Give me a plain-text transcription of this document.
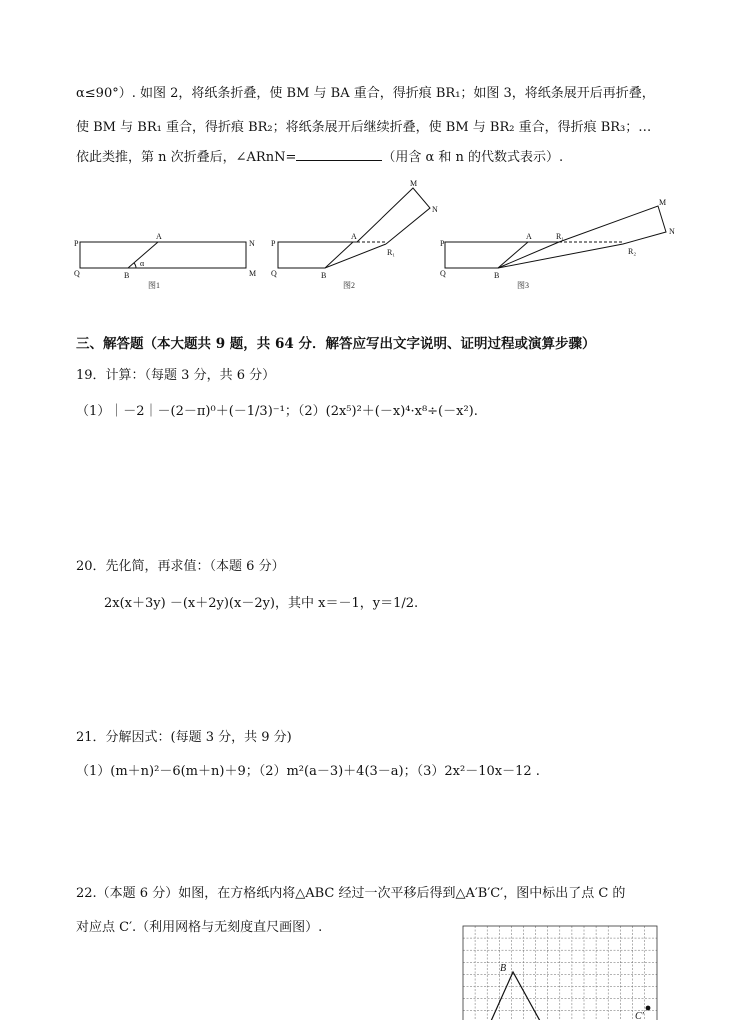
α≤90°）. 如图 2，将纸条折叠，使 BM 与 BA 重合，得折痕 BR₁；如图 3，将纸条展开后再折叠，
使 BM 与 BR₁ 重合，得折痕 BR₂；将纸条展开后继续折叠，使 BM 与 BR₂ 重合，得折痕 BR₃；…
依此类推，第 n 次折叠后，∠ARnN=	（用含 α 和 n 的代数式表示）.
P
A
N
Q	B	M
α
图1
P
A
Q	B
M
N
R₁
图2
P
A	R₁
Q	B
M
N
R₂
图3
三、解答题（本大题共 9 题，共 64 分．解答应写出文字说明、证明过程或演算步骤）
19．计算：（每题 3 分，共 6 分）
（1）｜－2｜－(2－π)⁰＋(－1/3)⁻¹；（2）(2x⁵)²＋(－x)⁴·x⁸÷(－x²).
20．先化简，再求值：（本题 6 分）
2x(x＋3y) －(x＋2y)(x－2y)，其中 x＝－1，y＝1/2.
21．分解因式：(每题 3 分，共 9 分)
（1）(m＋n)²－6(m＋n)＋9；（2）m²(a－3)＋4(3－a)；（3）2x²－10x－12 .
22.（本题 6 分）如图，在方格纸内将△ABC 经过一次平移后得到△A′B′C′，图中标出了点 C 的
对应点 C′.（利用网格与无刻度直尺画图）.
B
C′
